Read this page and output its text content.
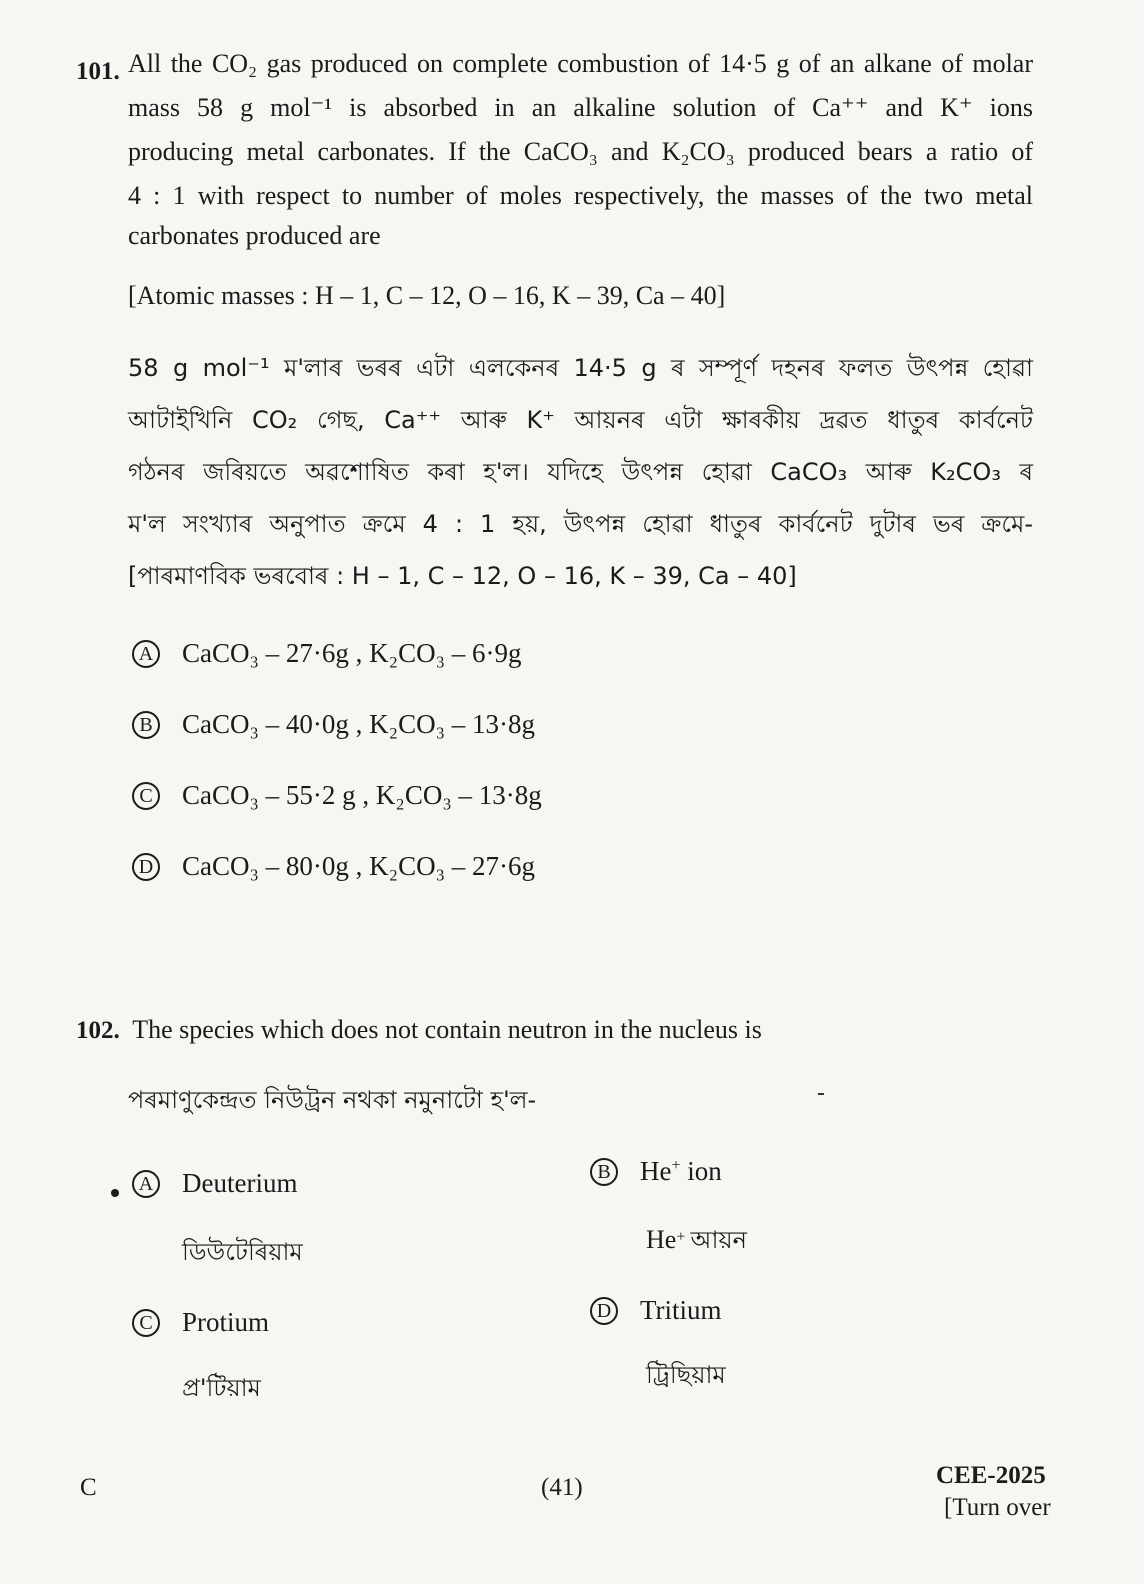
101. All the CO₂ gas produced on complete combustion of 14·5 g of an alkane of molar
mass 58 g mol⁻¹ is absorbed in an alkaline solution of Ca⁺⁺ and K⁺ ions
producing metal carbonates. If the CaCO₃ and K₂CO₃ produced bears a ratio of
4 : 1 with respect to number of moles respectively, the masses of the two metal
carbonates produced are
[Atomic masses : H – 1, C – 12, O – 16, K – 39, Ca – 40]
58 g mol⁻¹ ম'লাৰ ভৰৰ এটা এলকেনৰ 14·5 g ৰ সম্পূৰ্ণ দহনৰ ফলত উৎপন্ন হোৱা
আটাইখিনি CO₂ গেছ, Ca⁺⁺ আৰু K⁺ আয়নৰ এটা ক্ষাৰকীয় দ্ৰৱত ধাতুৰ কাৰ্বনেট
গঠনৰ জৰিয়তে অৱশোষিত কৰা হ'ল। যদিহে উৎপন্ন হোৱা CaCO₃ আৰু K₂CO₃ ৰ
ম'ল সংখ্যাৰ অনুপাত ক্ৰমে 4 : 1 হয়, উৎপন্ন হোৱা ধাতুৰ কাৰ্বনেট দুটাৰ ভৰ ক্ৰমে-
[পাৰমাণবিক ভৰবোৰ : H – 1, C – 12, O – 16, K – 39, Ca – 40]
A CaCO₃ – 27·6g , K₂CO₃ – 6·9g
B CaCO₃ – 40·0g , K₂CO₃ – 13·8g
C CaCO₃ – 55·2 g , K₂CO₃ – 13·8g
D CaCO₃ – 80·0g , K₂CO₃ – 27·6g
102. The species which does not contain neutron in the nucleus is
পৰমাণুকেন্দ্ৰত নিউট্ৰন নথকা নমুনাটো হ'ল-
A Deuterium
ডিউটেৰিয়াম
B He+ ion
He+ আয়ন
C Protium
প্ৰ'টিয়াম
D Tritium
ট্ৰিছিয়াম
C	(41)	CEE-2025
[Turn over
